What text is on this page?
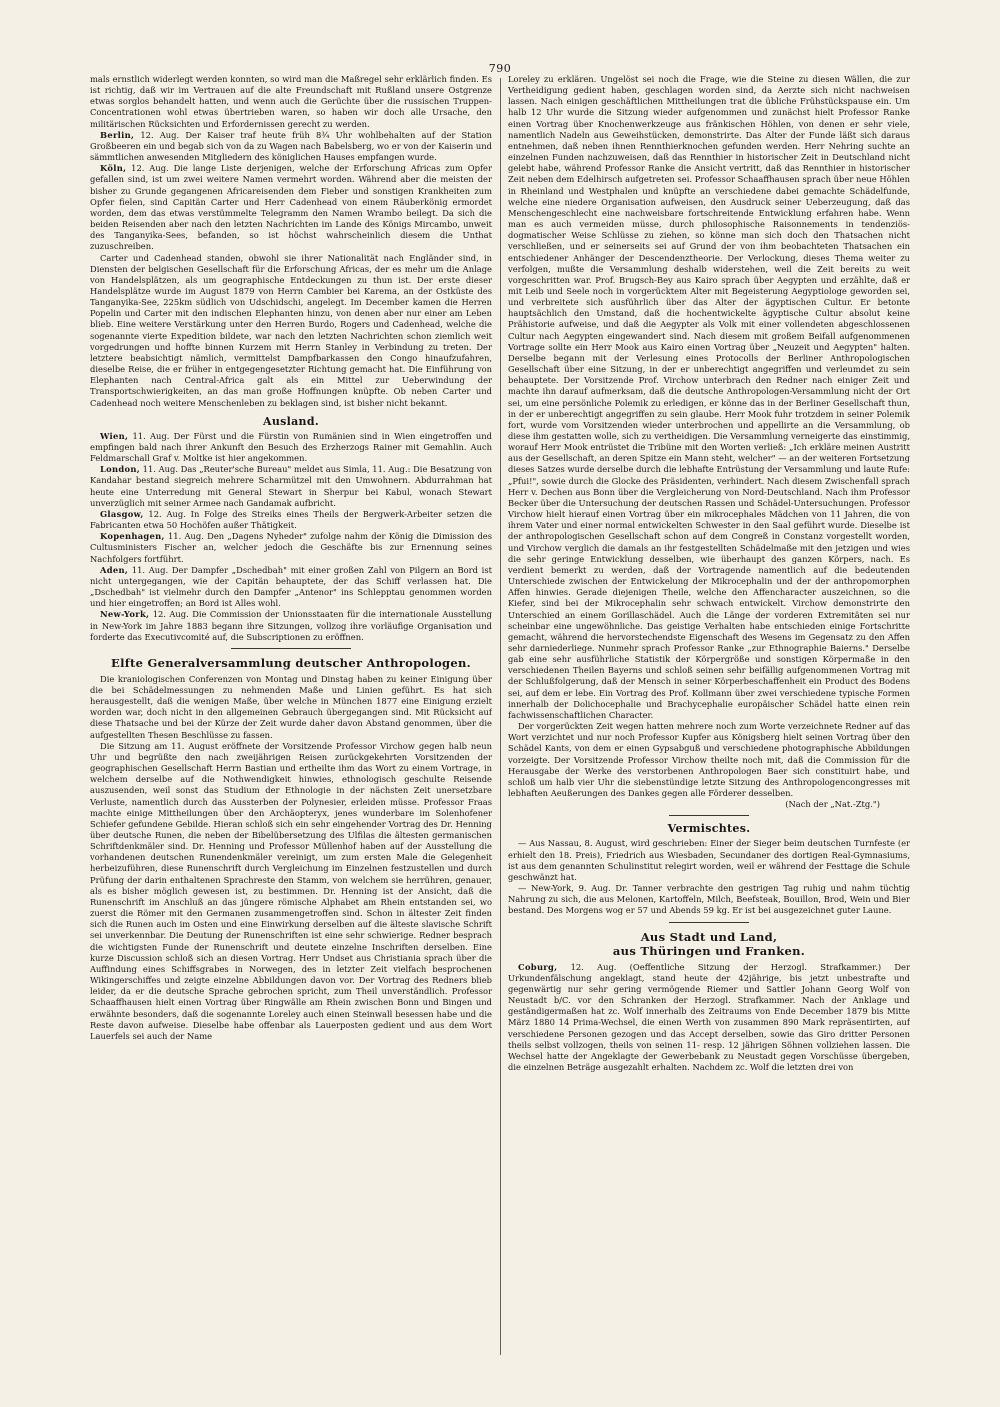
790

mals ernstlich widerlegt werden konnten, so wird man die Maßregel sehr erklärlich finden. Es ist richtig, daß wir im Vertrauen auf die alte Freundschaft mit Rußland unsere Ostgrenze etwas sorglos behandelt hatten, und wenn auch die Gerüchte über die russischen Truppen-Concentrationen wohl etwas übertrieben waren, so haben wir doch alle Ursache, den militärischen Rücksichten und Erfordernissen gerecht zu werden.

Berlin, 12. Aug. Der Kaiser traf heute früh 8¾ Uhr wohlbehalten auf der Station Großbeeren ein und begab sich von da zu Wagen nach Babelsberg, wo er von der Kaiserin und sämmtlichen anwesenden Mitgliedern des königlichen Hauses empfangen wurde.

Köln, 12. Aug. Die lange Liste derjenigen, welche der Erforschung Africas zum Opfer gefallen sind, ist um zwei weitere Namen vermehrt worden. Während aber die meisten der bisher zu Grunde gegangenen Africareisenden dem Fieber und sonstigen Krankheiten zum Opfer fielen, sind Capitän Carter und Herr Cadenhead von einem Räuberkönig ermordet worden, dem das etwas verstümmelte Telegramm den Namen Wrambo beilegt. Da sich die beiden Reisenden aber nach den letzten Nachrichten im Lande des Königs Mircambo, unweit des Tanganyika-Sees, befanden, so ist höchst wahrscheinlich diesem die Unthat zuzuschreiben.

Carter und Cadenhead standen, obwohl sie ihrer Nationalität nach Engländer sind, in Diensten der belgischen Gesellschaft für die Erforschung Africas, der es mehr um die Anlage von Handelsplätzen, als um geographische Entdeckungen zu thun ist. Der erste dieser Handelsplätze wurde im August 1879 von Herrn Cambier bei Karema, an der Ostküste des Tanganyika-See, 225km südlich von Udschidschi, angelegt. Im December kamen die Herren Popelin und Carter mit den indischen Elephanten hinzu, von denen aber nur einer am Leben blieb. Eine weitere Verstärkung unter den Herren Burdo, Rogers und Cadenhead, welche die sogenannte vierte Expedition bildete, war nach den letzten Nachrichten schon ziemlich weit vorgedrungen und hoffte binnen Kurzem mit Herrn Stanley in Verbindung zu treten. Der letztere beabsichtigt nämlich, vermittelst Dampfbarkassen den Congo hinaufzufahren, dieselbe Reise, die er früher in entgegengesetzter Richtung gemacht hat. Die Einführung von Elephanten nach Central-Africa galt als ein Mittel zur Ueberwindung der Transportschwierigkeiten, an das man große Hoffnungen knüpfte. Ob neben Carter und Cadenhead noch weitere Menschenleben zu beklagen sind, ist bisher nicht bekannt.

Ausland.

Wien, 11. Aug. Der Fürst und die Fürstin von Rumänien sind in Wien eingetroffen und empfingen bald nach ihrer Ankunft den Besuch des Erzherzogs Rainer mit Gemahlin. Auch Feldmarschall Graf v. Moltke ist hier angekommen.

London, 11. Aug. Das „Reuter'sche Bureau" meldet aus Simla, 11. Aug.: Die Besatzung von Kandahar bestand siegreich mehrere Scharmützel mit den Umwohnern. Abdurrahman hat heute eine Unterredung mit General Stewart in Sherpur bei Kabul, wonach Stewart unverzüglich mit seiner Armee nach Gandamak aufbricht.

Glasgow, 12. Aug. In Folge des Streiks eines Theils der Bergwerk-Arbeiter setzen die Fabricanten etwa 50 Hochöfen außer Thätigkeit.

Kopenhagen, 11. Aug. Den „Dagens Nyheder" zufolge nahm der König die Dimission des Cultusministers Fischer an, welcher jedoch die Geschäfte bis zur Ernennung seines Nachfolgers fortführt.

Aden, 11. Aug. Der Dampfer „Dschedbah" mit einer großen Zahl von Pilgern an Bord ist nicht untergegangen, wie der Capitän behauptete, der das Schiff verlassen hat. Die „Dschedbah" ist vielmehr durch den Dampfer „Antenor" ins Schlepptau genommen worden und hier eingetroffen; an Bord ist Alles wohl.

New-York, 12. Aug. Die Commission der Unionsstaaten für die internationale Ausstellung in New-York im Jahre 1883 begann ihre Sitzungen, vollzog ihre vorläufige Organisation und forderte das Executivcomité auf, die Subscriptionen zu eröffnen.

Elfte Generalversammlung deutscher Anthropologen.

Die kraniologischen Conferenzen von Montag und Dinstag haben zu keiner Einigung über die bei Schädelmessungen zu nehmenden Maße und Linien geführt. Es hat sich herausgestellt, daß die wenigen Maße, über welche in München 1877 eine Einigung erzielt worden war, doch nicht in den allgemeinen Gebrauch übergegangen sind. Mit Rücksicht auf diese Thatsache und bei der Kürze der Zeit wurde daher davon Abstand genommen, über die aufgestellten Thesen Beschlüsse zu fassen.

Die Sitzung am 11. August eröffnete der Vorsitzende Professor Virchow gegen halb neun Uhr und begrüßte den nach zweijährigen Reisen zurückgekehrten Vorsitzenden der geographischen Gesellschaft Herrn Bastian und ertheilte ihm das Wort zu einem Vortrage, in welchem derselbe auf die Nothwendigkeit hinwies, ethnologisch geschulte Reisende auszusenden, weil sonst das Studium der Ethnologie in der nächsten Zeit unersetzbare Verluste, namentlich durch das Aussterben der Polynesier, erleiden müsse. Professor Fraas machte einige Mittheilungen über den Archäopteryx, jenes wunderbare im Solenhofener Schiefer gefundene Gebilde. Hieran schloß sich ein sehr eingehender Vortrag des Dr. Henning über deutsche Runen, die neben der Bibelübersetzung des Ulfilas die ältesten germanischen Schriftdenkmäler sind. Dr. Henning und Professor Müllenhof haben auf der Ausstellung die vorhandenen deutschen Runendenkmäler vereinigt, um zum ersten Male die Gelegenheit herbeizuführen, diese Runenschrift durch Vergleichung im Einzelnen festzustellen und durch Prüfung der darin enthaltenen Sprachreste den Stamm, von welchem sie herrühren, genauer, als es bisher möglich gewesen ist, zu bestimmen. Dr. Henning ist der Ansicht, daß die Runenschrift im Anschluß an das jüngere römische Alphabet am Rhein entstanden sei, wo zuerst die Römer mit den Germanen zusammengetroffen sind. Schon in ältester Zeit finden sich die Runen auch im Osten und eine Einwirkung derselben auf die älteste slavische Schrift sei unverkennbar. Die Deutung der Runenschriften ist eine sehr schwierige. Redner besprach die wichtigsten Funde der Runenschrift und deutete einzelne Inschriften derselben. Eine kurze Discussion schloß sich an diesen Vortrag. Herr Undset aus Christiania sprach über die Auffindung eines Schiffsgrabes in Norwegen, des in letzter Zeit vielfach besprochenen Wikingerschiffes und zeigte einzelne Abbildungen davon vor. Der Vortrag des Redners blieb leider, da er die deutsche Sprache gebrochen spricht, zum Theil unverständlich. Professor Schaaffhausen hielt einen Vortrag über Ringwälle am Rhein zwischen Bonn und Bingen und erwähnte besonders, daß die sogenannte Loreley auch einen Steinwall besessen habe und die Reste davon aufweise. Dieselbe habe offenbar als Lauerposten gedient und aus dem Wort Lauerfels sei auch der Name

Loreley zu erklären. Ungelöst sei noch die Frage, wie die Steine zu diesen Wällen, die zur Vertheidigung gedient haben, geschlagen worden sind, da Aerzte sich nicht nachweisen lassen. Nach einigen geschäftlichen Mittheilungen trat die übliche Frühstückspause ein. Um halb 12 Uhr wurde die Sitzung wieder aufgenommen und zunächst hielt Professor Ranke einen Vortrag über Knochenwerkzeuge aus fränkischen Höhlen, von denen er sehr viele, namentlich Nadeln aus Geweihstücken, demonstrirte. Das Alter der Funde läßt sich daraus entnehmen, daß neben ihnen Rennthierknochen gefunden werden. Herr Nehring suchte an einzelnen Funden nachzuweisen, daß das Rennthier in historischer Zeit in Deutschland nicht gelebt habe, während Professor Ranke die Ansicht vertritt, daß das Rennthier in historischer Zeit neben dem Edelhirsch aufgetreten sei. Professor Schaaffhausen sprach über neue Höhlen in Rheinland und Westphalen und knüpfte an verschiedene dabei gemachte Schädelfunde, welche eine niedere Organisation aufweisen, den Ausdruck seiner Ueberzeugung, daß das Menschengeschlecht eine nachweisbare fortschreitende Entwicklung erfahren habe. Wenn man es auch vermeiden müsse, durch philosophische Raisonnements in tendenziös-dogmatischer Weise Schlüsse zu ziehen, so könne man sich doch den Thatsachen nicht verschließen, und er seinerseits sei auf Grund der von ihm beobachteten Thatsachen ein entschiedener Anhänger der Descendenztheorie. Der Verlockung, dieses Thema weiter zu verfolgen, mußte die Versammlung deshalb widerstehen, weil die Zeit bereits zu weit vorgeschritten war. Prof. Brugsch-Bey aus Kairo sprach über Aegypten und erzählte, daß er mit Leib und Seele noch in vorgerücktem Alter mit Begeisterung Aegyptiologe geworden sei, und verbreitete sich ausführlich über das Alter der ägyptischen Cultur. Er betonte hauptsächlich den Umstand, daß die hochentwickelte ägyptische Cultur absolut keine Prähistorie aufweise, und daß die Aegypter als Volk mit einer vollendeten abgeschlossenen Cultur nach Aegypten eingewandert sind. Nach diesem mit großem Beifall aufgenommenen Vortrage sollte ein Herr Mook aus Kairo einen Vortrag über „Neuzeit und Aegypten" halten. Derselbe begann mit der Verlesung eines Protocolls der Berliner Anthropologischen Gesellschaft über eine Sitzung, in der er unberechtigt angegriffen und verleumdet zu sein behauptete. Der Vorsitzende Prof. Virchow unterbrach den Redner nach einiger Zeit und machte ihn darauf aufmerksam, daß die deutsche Anthropologen-Versammlung nicht der Ort sei, um eine persönliche Polemik zu erledigen, er könne das in der Berliner Gesellschaft thun, in der er unberechtigt angegriffen zu sein glaube. Herr Mook fuhr trotzdem in seiner Polemik fort, wurde vom Vorsitzenden wieder unterbrochen und appellirte an die Versammlung, ob diese ihm gestatten wolle, sich zu vertheidigen. Die Versammlung verneigerte das einstimmig, worauf Herr Mook entrüstet die Tribüne mit den Worten verließ: „Ich erkläre meinen Austritt aus der Gesellschaft, an deren Spitze ein Mann steht, welcher" — an der weiteren Fortsetzung dieses Satzes wurde derselbe durch die lebhafte Entrüstung der Versammlung und laute Rufe: „Pfui!", sowie durch die Glocke des Präsidenten, verhindert. Nach diesem Zwischenfall sprach Herr v. Dechen aus Bonn über die Vergleicherung von Nord-Deutschland. Nach ihm Professor Becker über die Untersuchung der deutschen Rassen und Schädel-Untersuchungen. Professor Virchow hielt hierauf einen Vortrag über ein mikrocephales Mädchen von 11 Jahren, die von ihrem Vater und einer normal entwickelten Schwester in den Saal geführt wurde. Dieselbe ist der anthropologischen Gesellschaft schon auf dem Congreß in Constanz vorgestellt worden, und Virchow verglich die damals an ihr festgestellten Schädelmaße mit den jetzigen und wies die sehr geringe Entwicklung desselben, wie überhaupt des ganzen Körpers, nach. Es verdient bemerkt zu werden, daß der Vortragende namentlich auf die bedeutenden Unterschiede zwischen der Entwickelung der Mikrocephalin und der der anthropomorphen Affen hinwies. Gerade diejenigen Theile, welche den Affencharacter auszeichnen, so die Kiefer, sind bei der Mikrocephalin sehr schwach entwickelt. Virchow demonstrirte den Unterschied an einem Gorillaschädel. Auch die Länge der vorderen Extremitäten sei nur scheinbar eine ungewöhnliche. Das geistige Verhalten habe entschieden einige Fortschritte gemacht, während die hervorstechendste Eigenschaft des Wesens im Gegensatz zu den Affen sehr darniederliege. Nunmehr sprach Professor Ranke „zur Ethnographie Baierns." Derselbe gab eine sehr ausführliche Statistik der Körpergröße und sonstigen Körpermaße in den verschiedenen Theilen Bayerns und schloß seinen sehr beifällig aufgenommenen Vortrag mit der Schlußfolgerung, daß der Mensch in seiner Körperbeschaffenheit ein Product des Bodens sei, auf dem er lebe. Ein Vortrag des Prof. Kollmann über zwei verschiedene typische Formen innerhalb der Dolichocephalie und Brachycephalie europäischer Schädel hatte einen rein fachwissenschaftlichen Character.

Der vorgerückten Zeit wegen hatten mehrere noch zum Worte verzeichnete Redner auf das Wort verzichtet und nur noch Professor Kupfer aus Königsberg hielt seinen Vortrag über den Schädel Kants, von dem er einen Gypsabguß und verschiedene photographische Abbildungen vorzeigte. Der Vorsitzende Professor Virchow theilte noch mit, daß die Commission für die Herausgabe der Werke des verstorbenen Anthropologen Baer sich constituirt habe, und schloß um halb vier Uhr die siebenstündige letzte Sitzung des Anthropologencongresses mit lebhaften Aeußerungen des Dankes gegen alle Förderer desselben.

(Nach der „Nat.-Ztg.")

Vermischtes.

— Aus Nassau, 8. August, wird geschrieben: Einer der Sieger beim deutschen Turnfeste (er erhielt den 18. Preis), Friedrich aus Wiesbaden, Secundaner des dortigen Real-Gymnasiums, ist aus dem genannten Schulinstitut relegirt worden, weil er während der Festtage die Schule geschwänzt hat.

— New-York, 9. Aug. Dr. Tanner verbrachte den gestrigen Tag ruhig und nahm tüchtig Nahrung zu sich, die aus Melonen, Kartoffeln, Milch, Beefsteak, Bouillon, Brod, Wein und Bier bestand. Des Morgens wog er 57 und Abends 59 kg. Er ist bei ausgezeichnet guter Laune.

Aus Stadt und Land,
aus Thüringen und Franken.

Coburg, 12. Aug. (Oeffentliche Sitzung der Herzogl. Strafkammer.) Der Urkundenfälschung angeklagt, stand heute der 42jährige, bis jetzt unbestrafte und gegenwärtig nur sehr gering vermögende Riemer und Sattler Johann Georg Wolf von Neustadt b/C. vor den Schranken der Herzogl. Strafkammer. Nach der Anklage und geständigermaßen hat zc. Wolf innerhalb des Zeitraums von Ende December 1879 bis Mitte März 1880 14 Prima-Wechsel, die einen Werth von zusammen 890 Mark repräsentirten, auf verschiedene Personen gezogen und das Accept derselben, sowie das Giro dritter Personen theils selbst vollzogen, theils von seinen 11- resp. 12 jährigen Söhnen vollziehen lassen. Die Wechsel hatte der Angeklagte der Gewerbebank zu Neustadt gegen Vorschüsse übergeben, die einzelnen Beträge ausgezahlt erhalten. Nachdem zc. Wolf die letzten drei von
